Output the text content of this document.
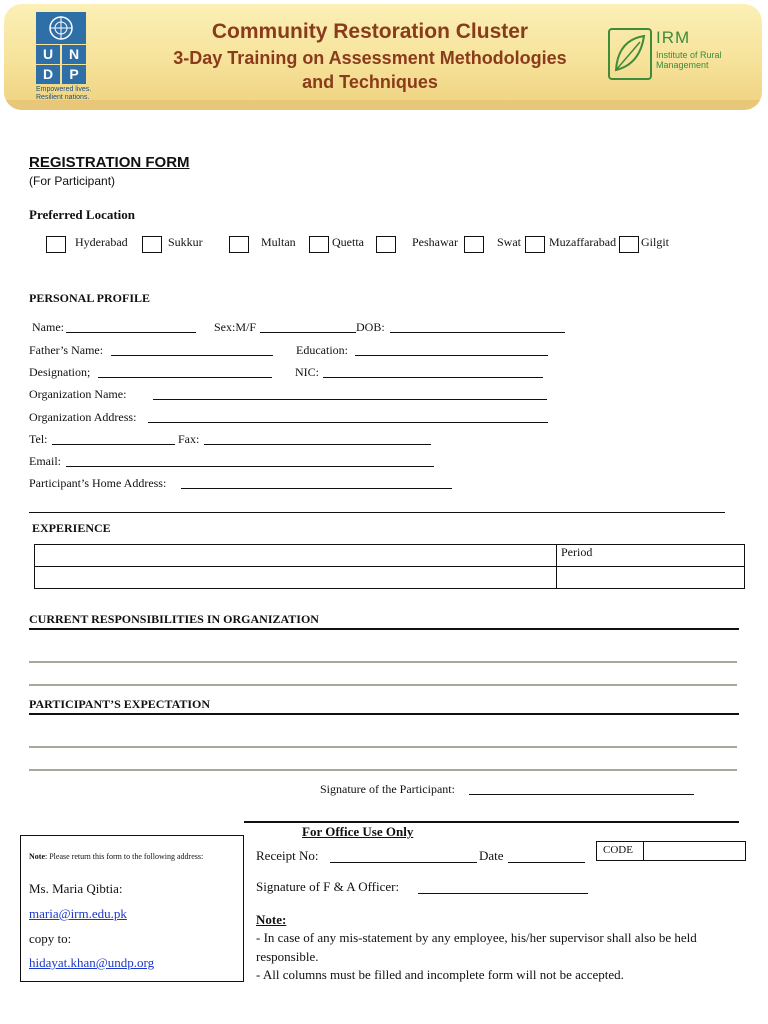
U	N
D	P
Empowered lives.
Resilient nations.
Community Restoration Cluster
3-Day Training on Assessment Methodologies
and Techniques
IRM
Institute of Rural
Management
REGISTRATION FORM
(For Participant)
Preferred Location
Hyderabad	Sukkur	Multan	Quetta	Peshawar	Swat Muzaffarabad Gilgit
PERSONAL PROFILE
Name:	Sex:M/F	DOB:
Father’s Name:	Education:
Designation;	NIC:
Organization Name:
Organization Address:
Tel:	Fax:
Email:
Participant’s Home Address:
EXPERIENCE
	Period

CURRENT RESPONSIBILITIES IN ORGANIZATION
PARTICIPANT’S EXPECTATION
Signature of the Participant:
Note: Please return this form to the following address:
Ms. Maria Qibtia:
maria@irm.edu.pk
copy to:
hidayat.khan@undp.org
For Office Use Only
Receipt No:	Date	CODE
Signature of F & A Officer:
Note:
- In case of any mis-statement by any employee, his/her supervisor shall also be held
responsible.
- All columns must be filled and incomplete form will not be accepted.
